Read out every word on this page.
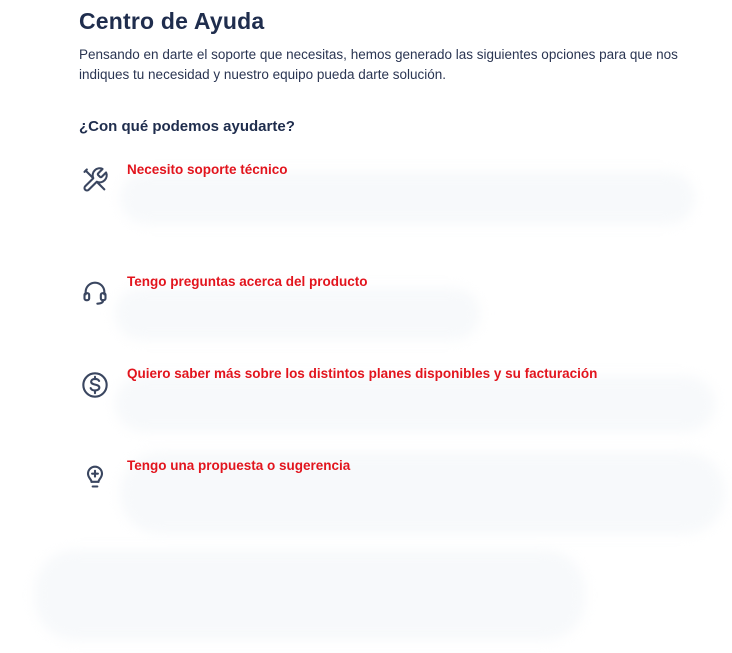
Centro de Ayuda
Pensando en darte el soporte que necesitas, hemos generado las siguientes opciones para que nos indiques tu necesidad y nuestro equipo pueda darte solución.
¿Con qué podemos ayudarte?
Necesito soporte técnico
Tengo preguntas acerca del producto
Quiero saber más sobre los distintos planes disponibles y su facturación
Tengo una propuesta o sugerencia
